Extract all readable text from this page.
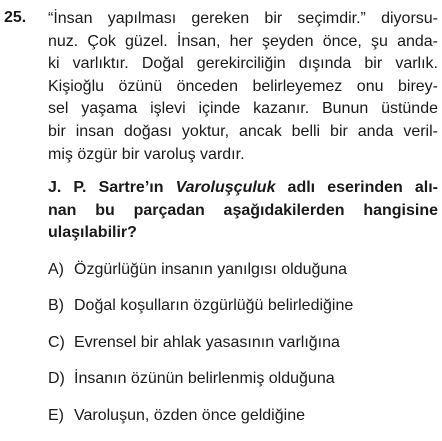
25. “İnsan yapılması gereken bir seçimdir.” diyorsu-
nuz. Çok güzel. İnsan, her şeyden önce, şu anda-
ki varlıktır. Doğal gerekirciliğin dışında bir varlık.
Kişioğlu özünü önceden belirleyemez onu birey-
sel yaşama işlevi içinde kazanır. Bunun üstünde
bir insan doğası yoktur, ancak belli bir anda veril-
miş özgür bir varoluş vardır.
J. P. Sartre’ın Varoluşçuluk adlı eserinden alı-
nan bu parçadan aşağıdakilerden hangisine
ulaşılabilir?
A) Özgürlüğün insanın yanılgısı olduğuna
B) Doğal koşulların özgürlüğü belirlediğine
C) Evrensel bir ahlak yasasının varlığına
D) İnsanın özünün belirlenmiş olduğuna
E) Varoluşun, özden önce geldiğine
